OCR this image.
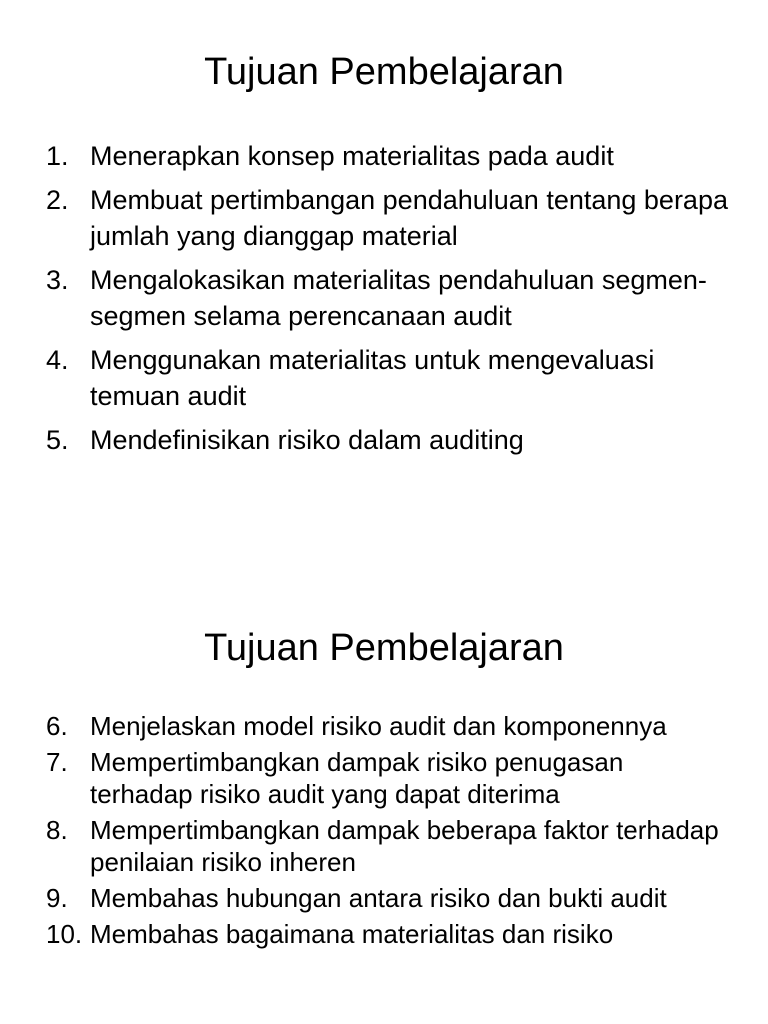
Tujuan Pembelajaran
1. Menerapkan konsep materialitas pada audit
2. Membuat pertimbangan pendahuluan tentang berapa jumlah yang dianggap material
3. Mengalokasikan materialitas pendahuluan segmen-segmen selama perencanaan audit
4. Menggunakan materialitas untuk mengevaluasi temuan audit
5. Mendefinisikan risiko dalam auditing
Tujuan Pembelajaran
6. Menjelaskan model risiko audit dan komponennya
7. Mempertimbangkan dampak risiko penugasan terhadap risiko audit yang dapat diterima
8. Mempertimbangkan dampak beberapa faktor terhadap penilaian risiko inheren
9. Membahas hubungan antara risiko dan bukti audit
10. Membahas bagaimana materialitas dan risiko
